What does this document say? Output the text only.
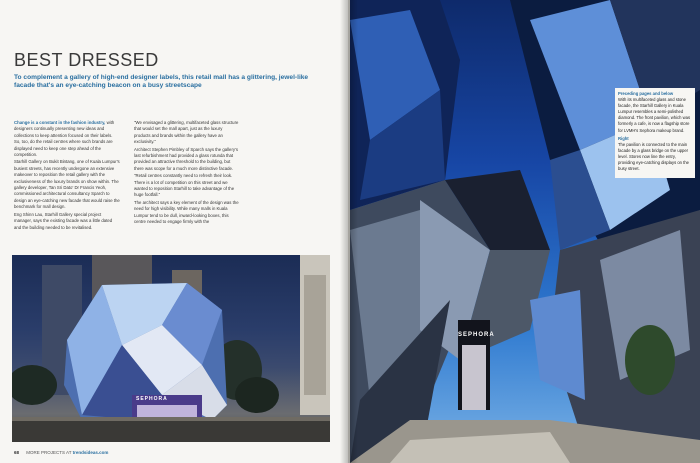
BEST DRESSED

To complement a gallery of high-end designer labels, this retail mall has a glittering, jewel-like facade that's an eye-catching beacon on a busy streetscape

Change is a constant in the fashion industry, with designers continually presenting new ideas and collections to keep attention focused on their labels. So, too, do the retail centres where such brands are displayed need to keep one step ahead of the competition.

Starhill Gallery on Bukit Bintang, one of Kuala Lumpur's busiest streets, has recently undergone an extensive makeover to reposition the retail gallery with the exclusiveness of the luxury brands on show within. The gallery developer, Tan Sri Dato' Dr Francis Yeoh, commissioned architectural consultancy Sparch to design an eye-catching new facade that would raise the benchmark for mall design.

Eng Shinn Lau, Starhill Gallery special project manager, says the existing facade was a little dated and the building needed to be revitalised.

"We envisaged a glittering, multifaceted glass structure that would set the mall apart, just as the luxury products and brands within the gallery have an exclusivity."

Architect Stephen Pimbley of Sparch says the gallery's last refurbishment had provided a glass rotunda that provided an attractive threshold to the building, but there was scope for a much more distinctive facade.

"Retail centres constantly need to refresh their look. There is a lot of competition on this street and we wanted to reposition Starhill to take advantage of the huge footfall."

The architect says a key element of the design was the need for high visibility. While many malls in Kuala Lumpur tend to be dull, inward-looking boxes, this centre needed to engage firmly with the

SEPHORA
68 MORE PROJECTS AT trendsideas.com
SEPHORA

Preceding pages and below
With its multifaceted glass and stone facade, the Starhill Gallery in Kuala Lumpur resembles a semi-polished diamond. The front pavilion, which was formerly a cafe, is now a flagship store for LVMH's Sephora makeup brand.

Right
The pavilion is connected to the main facade by a glass bridge on the upper level. Stores now line the entry, providing eye-catching displays on the busy street.
